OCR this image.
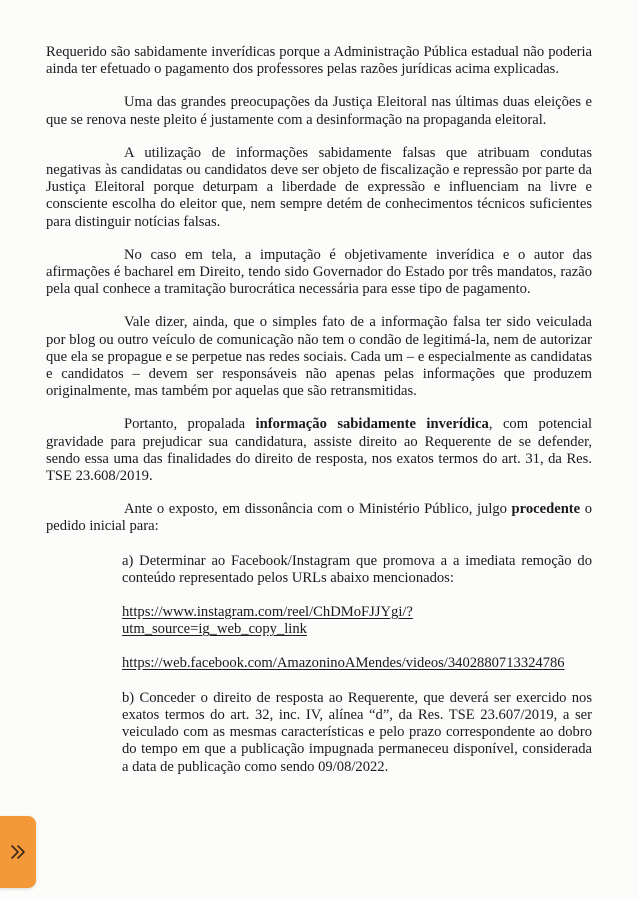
Requerido são sabidamente inverídicas porque a Administração Pública estadual não poderia ainda ter efetuado o pagamento dos professores pelas razões jurídicas acima explicadas.

Uma das grandes preocupações da Justiça Eleitoral nas últimas duas eleições e que se renova neste pleito é justamente com a desinformação na propaganda eleitoral.

A utilização de informações sabidamente falsas que atribuam condutas negativas às candidatas ou candidatos deve ser objeto de fiscalização e repressão por parte da Justiça Eleitoral porque deturpam a liberdade de expressão e influenciam na livre e consciente escolha do eleitor que, nem sempre detém de conhecimentos técnicos suficientes para distinguir notícias falsas.

No caso em tela, a imputação é objetivamente inverídica e o autor das afirmações é bacharel em Direito, tendo sido Governador do Estado por três mandatos, razão pela qual conhece a tramitação burocrática necessária para esse tipo de pagamento.

Vale dizer, ainda, que o simples fato de a informação falsa ter sido veiculada por blog ou outro veículo de comunicação não tem o condão de legitimá-la, nem de autorizar que ela se propague e se perpetue nas redes sociais. Cada um – e especialmente as candidatas e candidatos – devem ser responsáveis não apenas pelas informações que produzem originalmente, mas também por aquelas que são retransmitidas.

Portanto, propalada informação sabidamente inverídica, com potencial gravidade para prejudicar sua candidatura, assiste direito ao Requerente de se defender, sendo essa uma das finalidades do direito de resposta, nos exatos termos do art. 31, da Res. TSE 23.608/2019.

Ante o exposto, em dissonância com o Ministério Público, julgo procedente o pedido inicial para:

a) Determinar ao Facebook/Instagram que promova a a imediata remoção do conteúdo representado pelos URLs abaixo mencionados:

https://www.instagram.com/reel/ChDMoFJJYgi/?
utm_source=ig_web_copy_link
https://web.facebook.com/AmazoninoAMendes/videos/3402880713324786

b) Conceder o direito de resposta ao Requerente, que deverá ser exercido nos exatos termos do art. 32, inc. IV, alínea “d”, da Res. TSE 23.607/2019, a ser veiculado com as mesmas características e pelo prazo correspondente ao dobro do tempo em que a publicação impugnada permaneceu disponível, considerada a data de publicação como sendo 09/08/2022.
